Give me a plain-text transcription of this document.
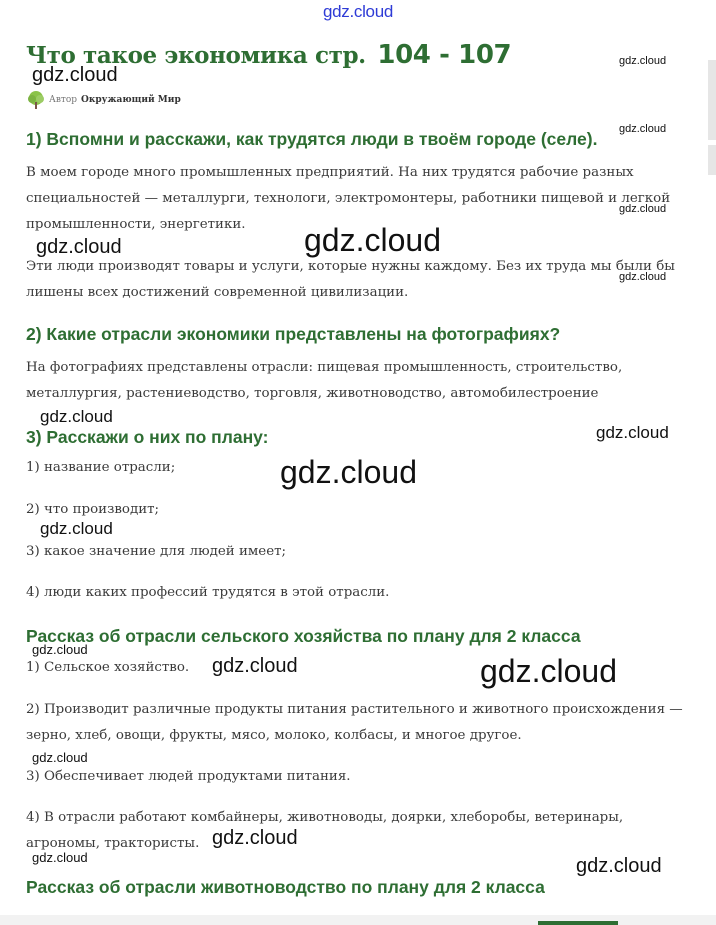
gdz.cloud
Что такое экономика стр. 104 - 107
Автор Окружающий Мир
1) Вспомни и расскажи, как трудятся люди в твоём городе (селе).

В моем городе много промышленных предприятий. На них трудятся рабочие разных специальностей — металлурги, технологи, электромонтеры, работники пищевой и легкой промышленности, энергетики.

Эти люди производят товары и услуги, которые нужны каждому. Без их труда мы были бы лишены всех достижений современной цивилизации.

2) Какие отрасли экономики представлены на фотографиях?

На фотографиях представлены отрасли: пищевая промышленность, строительство, металлургия, растениеводство, торговля, животноводство, автомобилестроение

3) Расскажи о них по плану:

1) название отрасли;

2) что производит;

3) какое значение для людей имеет;

4) люди каких профессий трудятся в этой отрасли.

Рассказ об отрасли сельского хозяйства по плану для 2 класса

1) Сельское хозяйство.

2) Производит различные продукты питания растительного и животного происхождения — зерно, хлеб, овощи, фрукты, мясо, молоко, колбасы, и многое другое.

3) Обеспечивает людей продуктами питания.

4) В отрасли работают комбайнеры, животноводы, доярки, хлеборобы, ветеринары, агрономы, трактористы.

Рассказ об отрасли животноводство по плану для 2 класса
gdz.cloud
gdz.cloud
gdz.cloud
gdz.cloud
gdz.cloud
gdz.cloud
gdz.cloud
gdz.cloud
gdz.cloud
gdz.cloud
gdz.cloud
gdz.cloud
gdz.cloud	gdz.cloud
gdz.cloud
gdz.cloud
gdz.cloud	gdz.cloud
